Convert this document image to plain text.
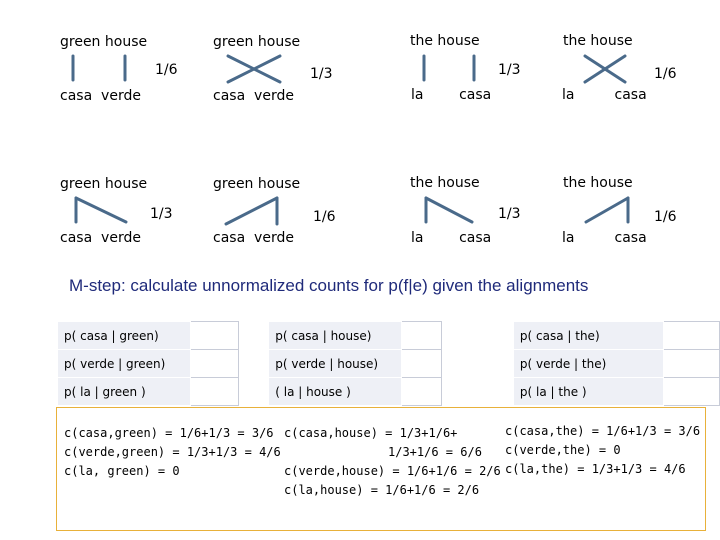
green house
casa  verde
1/6
green house
casa  verde
1/3
the house
la        casa
1/3
the house
la         casa
1/6
green house
casa  verde
1/3
green house
casa  verde
1/6
the house
la        casa
1/3
the house
la         casa
1/6
M-step: calculate unnormalized counts for p(f|e) given the alignments
p( casa | green)			p( casa | house)			p( casa | the)	
p( verde | green)			p( verde | house)			p( verde | the)	
p( la | green )			( la | house )			p( la | the )	
c(casa,green) = 1/6+1/3 = 3/6
c(verde,green) = 1/3+1/3 = 4/6
c(la, green) = 0
c(casa,house) = 1/3+1/6+
1/3+1/6 = 6/6
c(verde,house) = 1/6+1/6 = 2/6
c(la,house) = 1/6+1/6 = 2/6
c(casa,the) = 1/6+1/3 = 3/6
c(verde,the) = 0
c(la,the) = 1/3+1/3 = 4/6
